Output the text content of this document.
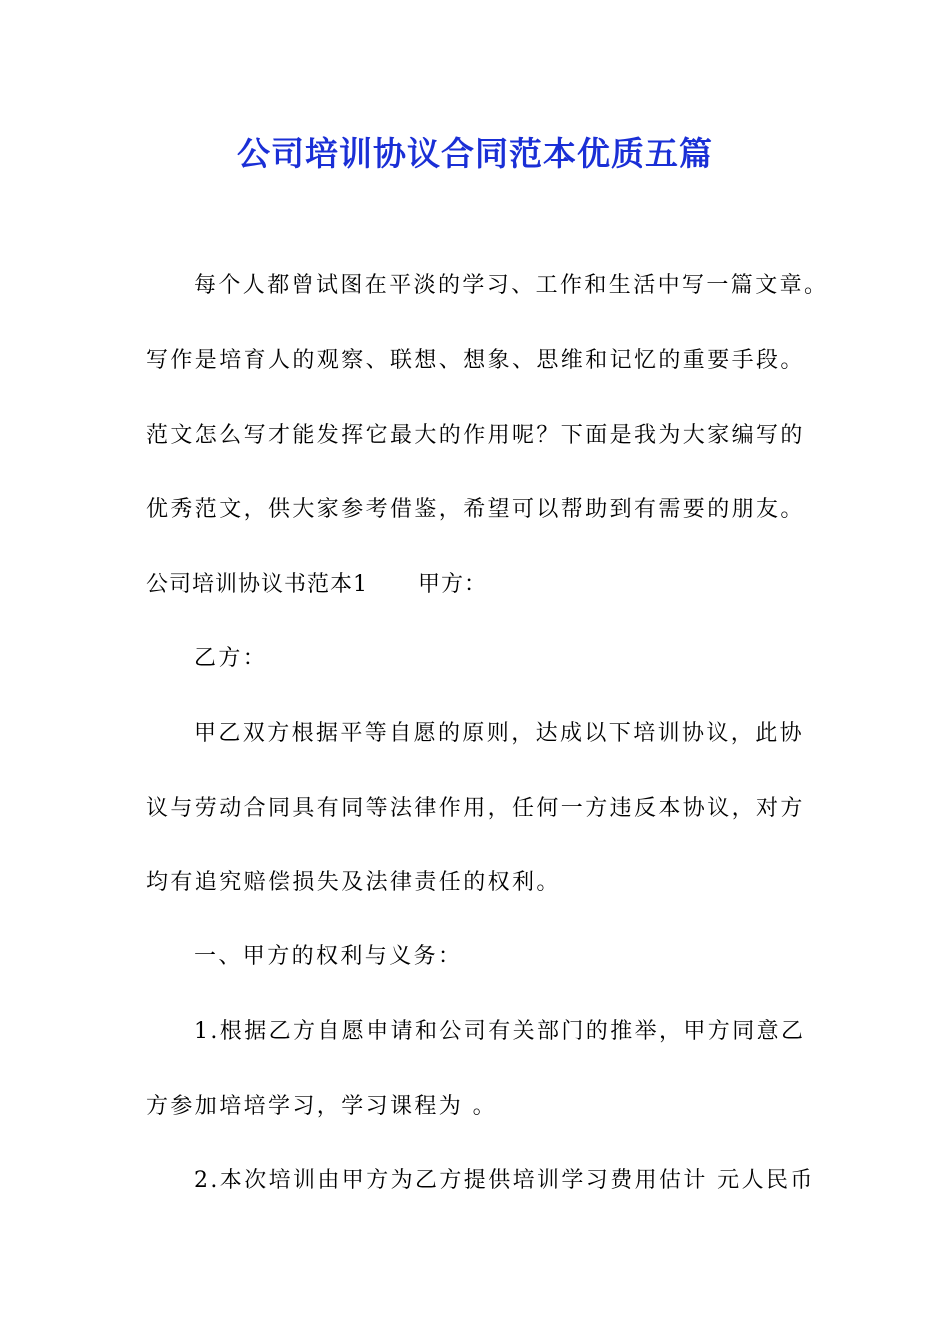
公司培训协议合同范本优质五篇
每个人都曾试图在平淡的学习、工作和生活中写一篇文章。
写作是培育人的观察、联想、想象、思维和记忆的重要手段。
范文怎么写才能发挥它最大的作用呢？下面是我为大家编写的
优秀范文，供大家参考借鉴，希望可以帮助到有需要的朋友。
公司培训协议书范本1 甲方：
乙方：
甲乙双方根据平等自愿的原则，达成以下培训协议，此协
议与劳动合同具有同等法律作用，任何一方违反本协议，对方
均有追究赔偿损失及法律责任的权利。
一、甲方的权利与义务：
1.根据乙方自愿申请和公司有关部门的推举，甲方同意乙
方参加培培学习，学习课程为 。
2.本次培训由甲方为乙方提供培训学习费用估计 元人民币
